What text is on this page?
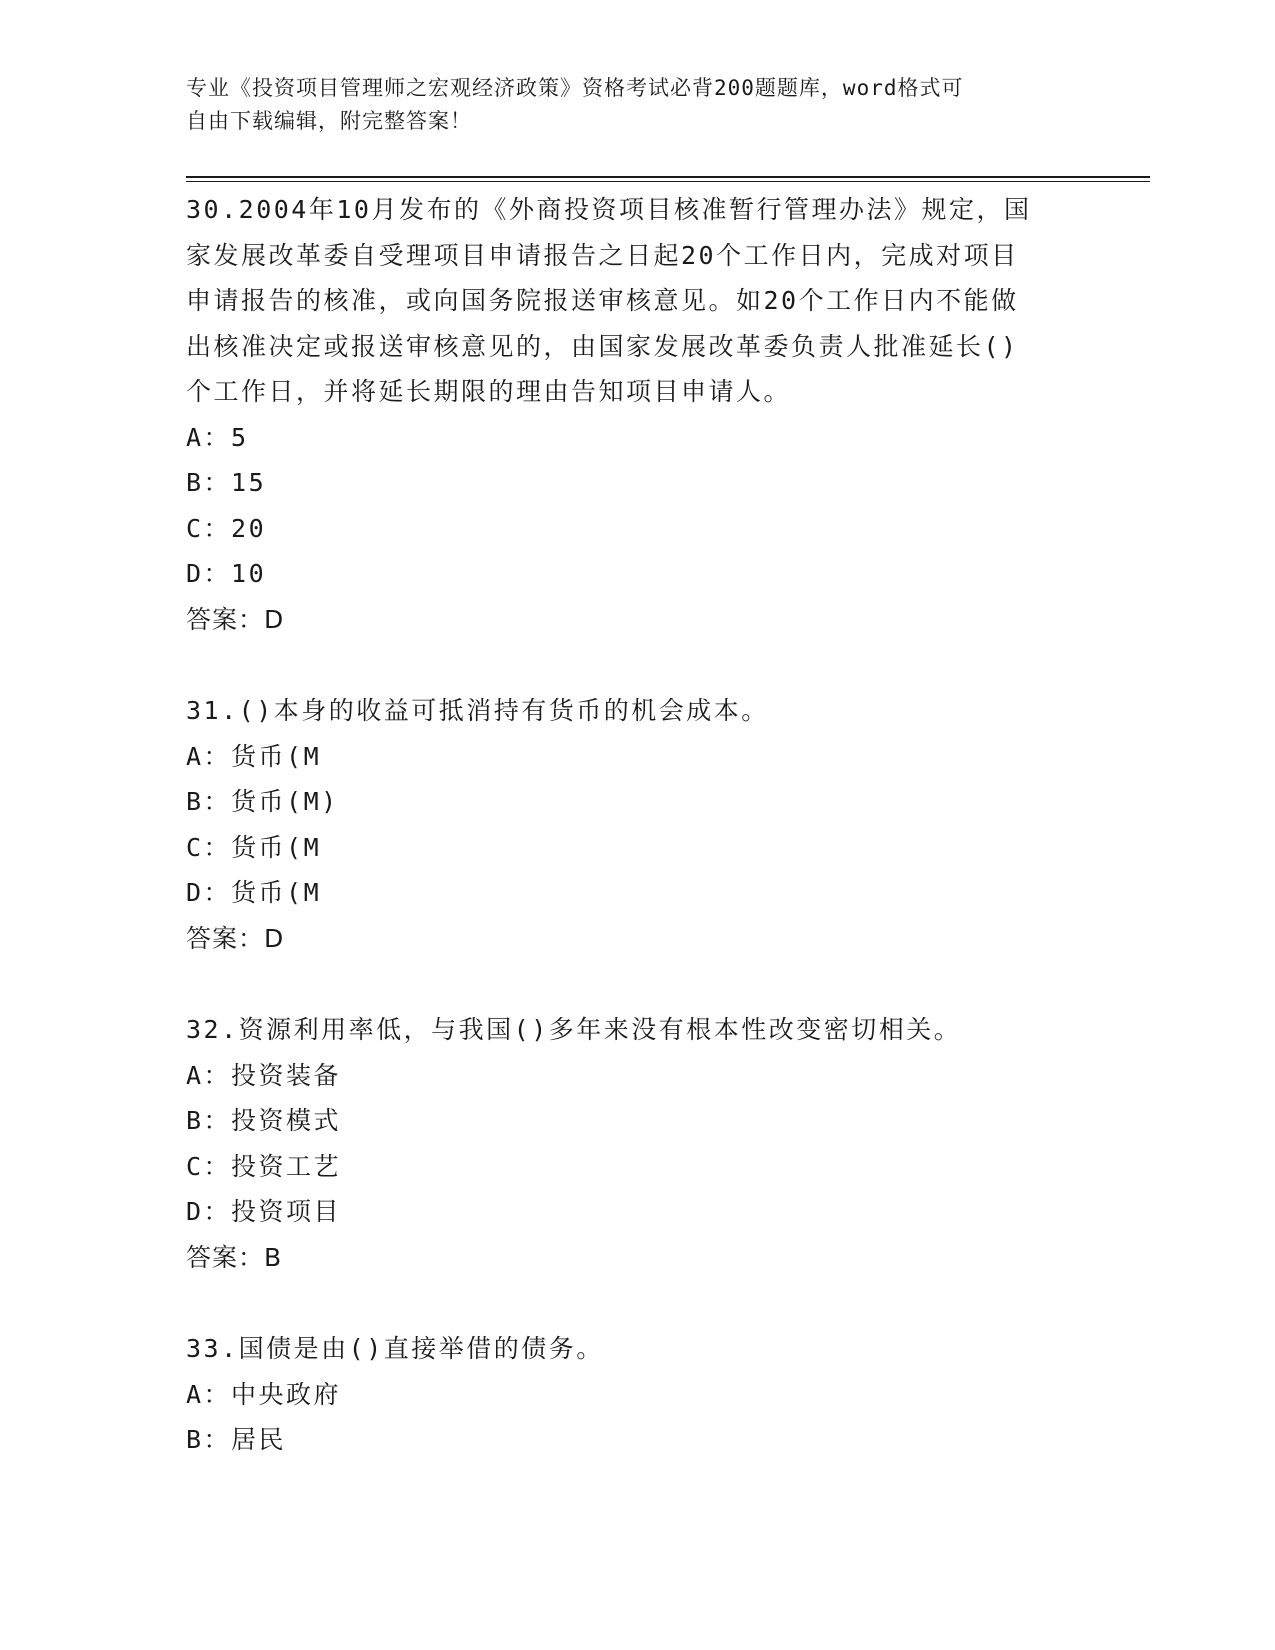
专业《投资项目管理师之宏观经济政策》资格考试必背200题题库，word格式可
自由下载编辑，附完整答案！
30.2004年10月发布的《外商投资项目核准暂行管理办法》规定，国
家发展改革委自受理项目申请报告之日起20个工作日内，完成对项目
申请报告的核准，或向国务院报送审核意见。如20个工作日内不能做
出核准决定或报送审核意见的，由国家发展改革委负责人批准延长()
个工作日，并将延长期限的理由告知项目申请人。
A：5
B：15
C：20
D：10
答案：D
31.()本身的收益可抵消持有货币的机会成本。
A：货币(M
B：货币(M)
C：货币(M
D：货币(M
答案：D
32.资源利用率低，与我国()多年来没有根本性改变密切相关。
A：投资装备
B：投资模式
C：投资工艺
D：投资项目
答案：B
33.国债是由()直接举借的债务。
A：中央政府
B：居民
